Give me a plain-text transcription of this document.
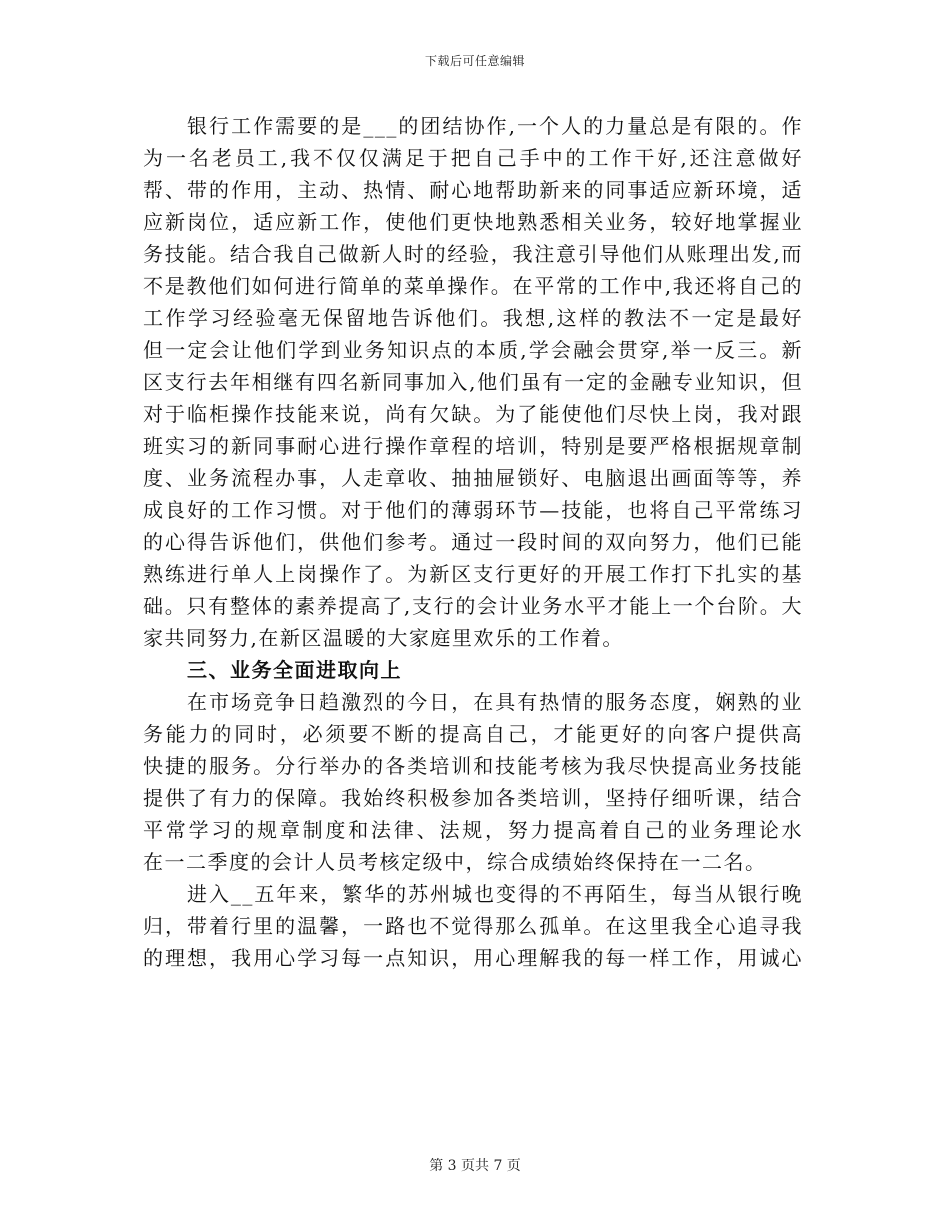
下载后可任意编辑
银行工作需要的是___的团结协作,一个人的力量总是有限的。作
为一名老员工,我不仅仅满足于把自己手中的工作干好,还注意做好
帮、带的作用，主动、热情、耐心地帮助新来的同事适应新环境，适
应新岗位，适应新工作，使他们更快地熟悉相关业务，较好地掌握业
务技能。结合我自己做新人时的经验，我注意引导他们从账理出发,而
不是教他们如何进行简单的菜单操作。在平常的工作中,我还将自己的
工作学习经验毫无保留地告诉他们。我想,这样的教法不一定是最好
但一定会让他们学到业务知识点的本质,学会融会贯穿,举一反三。新
区支行去年相继有四名新同事加入,他们虽有一定的金融专业知识，但
对于临柜操作技能来说，尚有欠缺。为了能使他们尽快上岗，我对跟
班实习的新同事耐心进行操作章程的培训，特别是要严格根据规章制
度、业务流程办事，人走章收、抽抽屉锁好、电脑退出画面等等，养
成良好的工作习惯。对于他们的薄弱环节—技能，也将自己平常练习
的心得告诉他们，供他们参考。通过一段时间的双向努力，他们已能
熟练进行单人上岗操作了。为新区支行更好的开展工作打下扎实的基
础。只有整体的素养提高了,支行的会计业务水平才能上一个台阶。大
家共同努力,在新区温暖的大家庭里欢乐的工作着。
三、业务全面进取向上
在市场竞争日趋激烈的今日，在具有热情的服务态度，娴熟的业
务能力的同时，必须要不断的提高自己，才能更好的向客户提供高
快捷的服务。分行举办的各类培训和技能考核为我尽快提高业务技能
提供了有力的保障。我始终积极参加各类培训，坚持仔细听课，结合
平常学习的规章制度和法律、法规，努力提高着自己的业务理论水
在一二季度的会计人员考核定级中，综合成绩始终保持在一二名。
进入__五年来，繁华的苏州城也变得的不再陌生，每当从银行晚
归，带着行里的温馨，一路也不觉得那么孤单。在这里我全心追寻我
的理想，我用心学习每一点知识，用心理解我的每一样工作，用诚心
第 3 页共 7 页
